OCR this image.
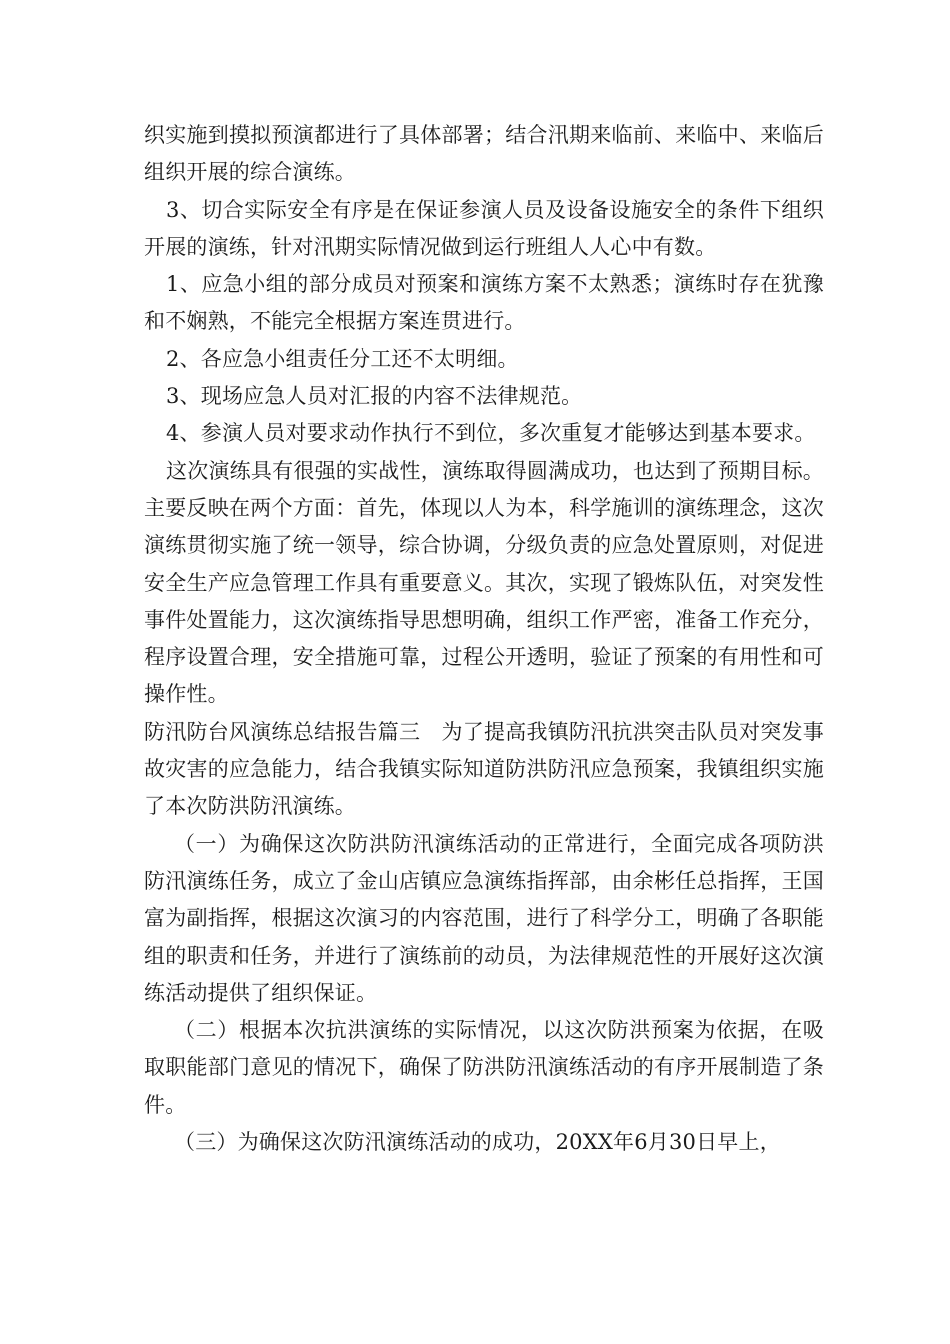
织实施到摸拟预演都进行了具体部署；结合汛期来临前、来临中、来临后组织开展的综合演练。

3、切合实际安全有序是在保证参演人员及设备设施安全的条件下组织开展的演练，针对汛期实际情况做到运行班组人人心中有数。

1、应急小组的部分成员对预案和演练方案不太熟悉；演练时存在犹豫和不娴熟，不能完全根据方案连贯进行。

2、各应急小组责任分工还不太明细。

3、现场应急人员对汇报的内容不法律规范。

4、参演人员对要求动作执行不到位，多次重复才能够达到基本要求。

这次演练具有很强的实战性，演练取得圆满成功，也达到了预期目标。主要反映在两个方面：首先，体现以人为本，科学施训的演练理念，这次演练贯彻实施了统一领导，综合协调，分级负责的应急处置原则，对促进安全生产应急管理工作具有重要意义。其次，实现了锻炼队伍，对突发性事件处置能力，这次演练指导思想明确，组织工作严密，准备工作充分，程序设置合理，安全措施可靠，过程公开透明，验证了预案的有用性和可操作性。

防汛防台风演练总结报告篇三　为了提高我镇防汛抗洪突击队员对突发事故灾害的应急能力，结合我镇实际知道防洪防汛应急预案，我镇组织实施了本次防洪防汛演练。

（一）为确保这次防洪防汛演练活动的正常进行，全面完成各项防洪防汛演练任务，成立了金山店镇应急演练指挥部，由余彬任总指挥，王国富为副指挥，根据这次演习的内容范围，进行了科学分工，明确了各职能组的职责和任务，并进行了演练前的动员，为法律规范性的开展好这次演练活动提供了组织保证。

（二）根据本次抗洪演练的实际情况，以这次防洪预案为依据，在吸取职能部门意见的情况下，确保了防洪防汛演练活动的有序开展制造了条件。

（三）为确保这次防汛演练活动的成功，20XX年6月30日早上，
